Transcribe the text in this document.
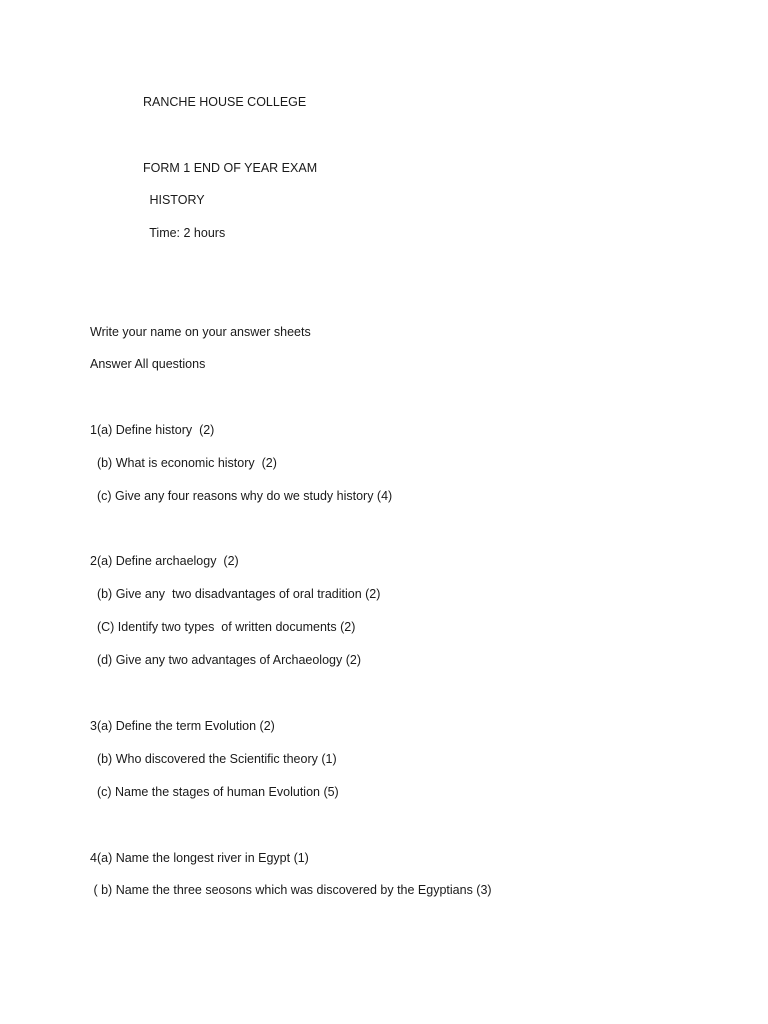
RANCHE HOUSE COLLEGE
FORM 1 END OF YEAR EXAM
HISTORY
Time: 2 hours
Write your name on your answer sheets
Answer All questions
1(a) Define history  (2)
(b) What is economic history  (2)
(c) Give any four reasons why do we study history (4)
2(a) Define archaelogy  (2)
(b) Give any  two disadvantages of oral tradition (2)
(C) Identify two types  of written documents (2)
(d) Give any two advantages of Archaeology (2)
3(a) Define the term Evolution (2)
(b) Who discovered the Scientific theory (1)
(c) Name the stages of human Evolution (5)
4(a) Name the longest river in Egypt (1)
( b) Name the three seosons which was discovered by the Egyptians (3)
